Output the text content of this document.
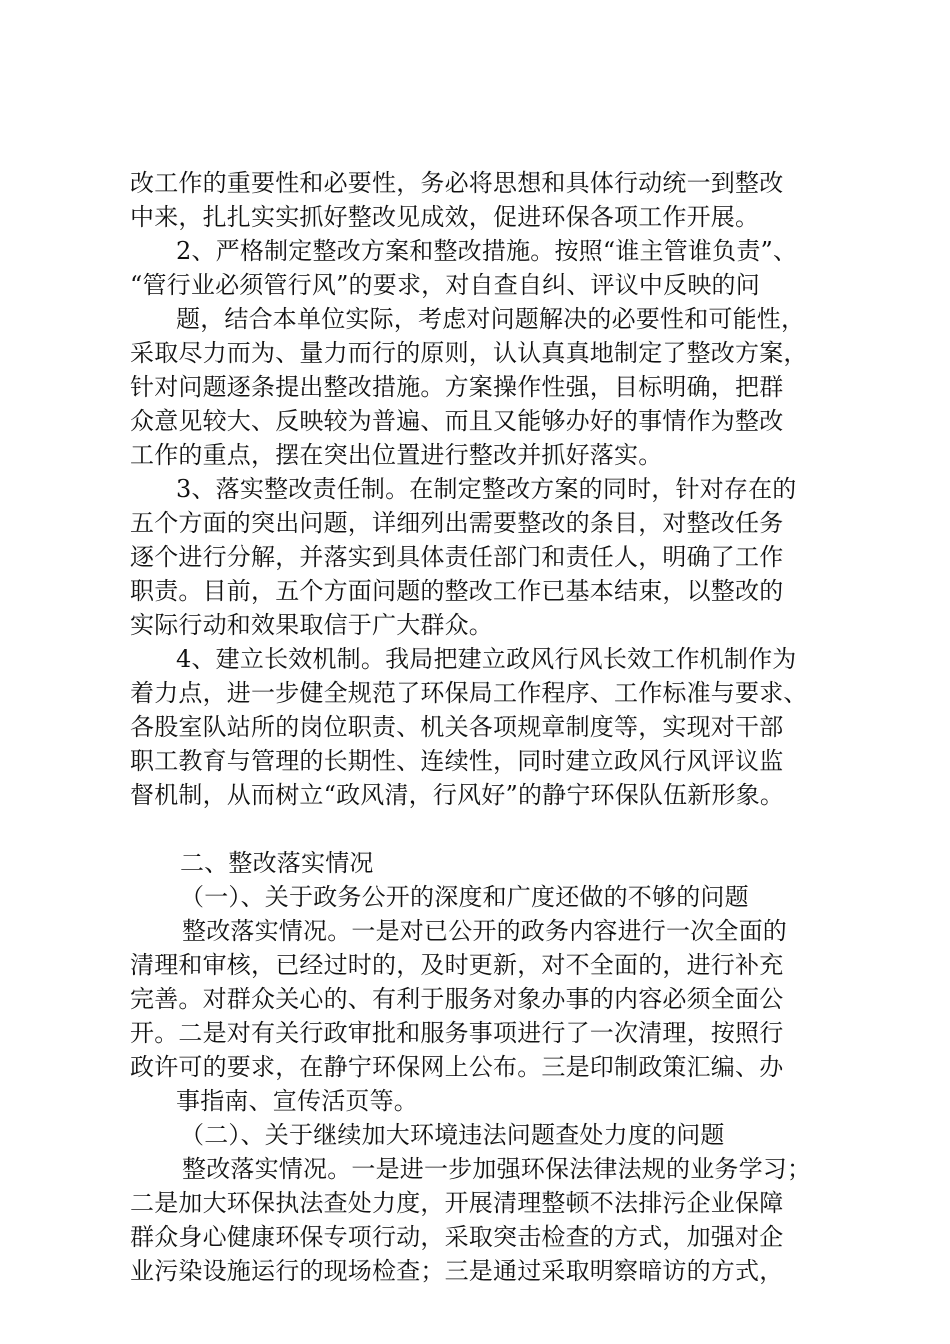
改工作的重要性和必要性，务必将思想和具体行动统一到整改
中来，扎扎实实抓好整改见成效，促进环保各项工作开展。
2、严格制定整改方案和整改措施。按照“谁主管谁负责”、
“管行业必须管行风”的要求，对自查自纠、评议中反映的问
题，结合本单位实际，考虑对问题解决的必要性和可能性，
采取尽力而为、量力而行的原则，认认真真地制定了整改方案，
针对问题逐条提出整改措施。方案操作性强，目标明确，把群
众意见较大、反映较为普遍、而且又能够办好的事情作为整改
工作的重点，摆在突出位置进行整改并抓好落实。
3、落实整改责任制。在制定整改方案的同时，针对存在的
五个方面的突出问题，详细列出需要整改的条目，对整改任务
逐个进行分解，并落实到具体责任部门和责任人，明确了工作
职责。目前，五个方面问题的整改工作已基本结束，以整改的
实际行动和效果取信于广大群众。
4、建立长效机制。我局把建立政风行风长效工作机制作为
着力点，进一步健全规范了环保局工作程序、工作标准与要求、
各股室队站所的岗位职责、机关各项规章制度等，实现对干部
职工教育与管理的长期性、连续性，同时建立政风行风评议监
督机制，从而树立“政风清，行风好”的静宁环保队伍新形象。
二、整改落实情况
（一）、关于政务公开的深度和广度还做的不够的问题
整改落实情况。一是对已公开的政务内容进行一次全面的
清理和审核，已经过时的，及时更新，对不全面的，进行补充
完善。对群众关心的、有利于服务对象办事的内容必须全面公
开。二是对有关行政审批和服务事项进行了一次清理，按照行
政许可的要求，在静宁环保网上公布。三是印制政策汇编、办
事指南、宣传活页等。
（二）、关于继续加大环境违法问题查处力度的问题
整改落实情况。一是进一步加强环保法律法规的业务学习；
二是加大环保执法查处力度，开展清理整顿不法排污企业保障
群众身心健康环保专项行动，采取突击检查的方式，加强对企
业污染设施运行的现场检查；三是通过采取明察暗访的方式，
